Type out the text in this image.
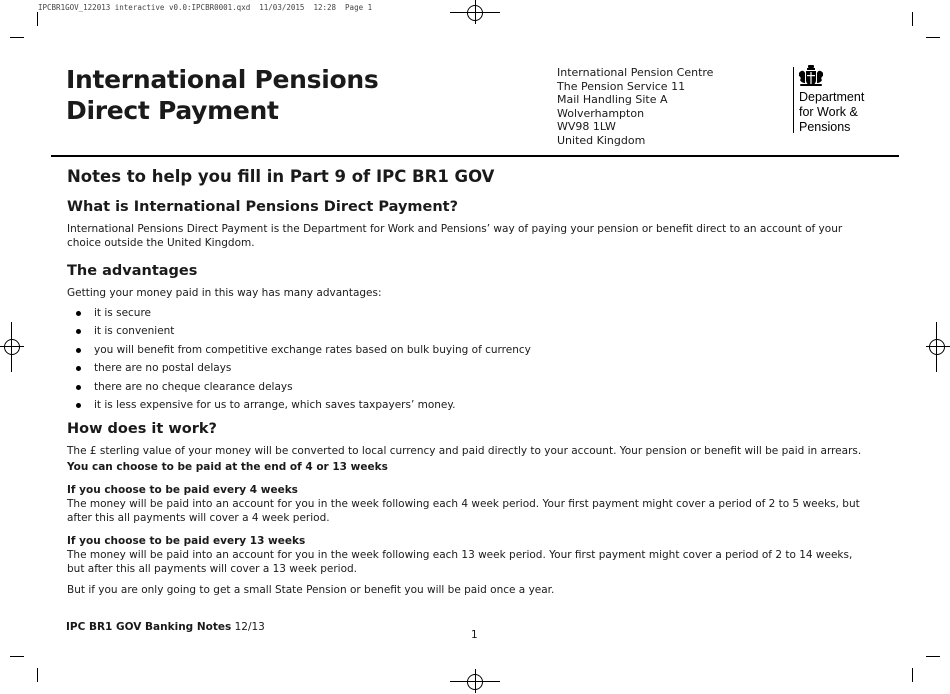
IPCBR1GOV_122013 interactive v0.0:IPCBR0001.qxd  11/03/2015  12:28  Page 1
International Pensions
Direct Payment
International Pension Centre
The Pension Service 11
Mail Handling Site A
Wolverhampton
WV98 1LW
United Kingdom
Department
for Work &
Pensions
Notes to help you fill in Part 9 of IPC BR1 GOV
What is International Pensions Direct Payment?

International Pensions Direct Payment is the Department for Work and Pensions’ way of paying your pension or benefit direct to an account of your choice outside the United Kingdom.

The advantages

Getting your money paid in this way has many advantages:

it is secure
it is convenient
you will benefit from competitive exchange rates based on bulk buying of currency
there are no postal delays
there are no cheque clearance delays
it is less expensive for us to arrange, which saves taxpayers’ money.
How does it work?

The £ sterling value of your money will be converted to local currency and paid directly to your account. Your pension or benefit will be paid in arrears.

You can choose to be paid at the end of 4 or 13 weeks

If you choose to be paid every 4 weeks

The money will be paid into an account for you in the week following each 4 week period. Your first payment might cover a period of 2 to 5 weeks, but after this all payments will cover a 4 week period.

If you choose to be paid every 13 weeks

The money will be paid into an account for you in the week following each 13 week period. Your first payment might cover a period of 2 to 14 weeks, but after this all payments will cover a 13 week period.

But if you are only going to get a small State Pension or benefit you will be paid once a year.

IPC BR1 GOV Banking Notes 12/13
1
